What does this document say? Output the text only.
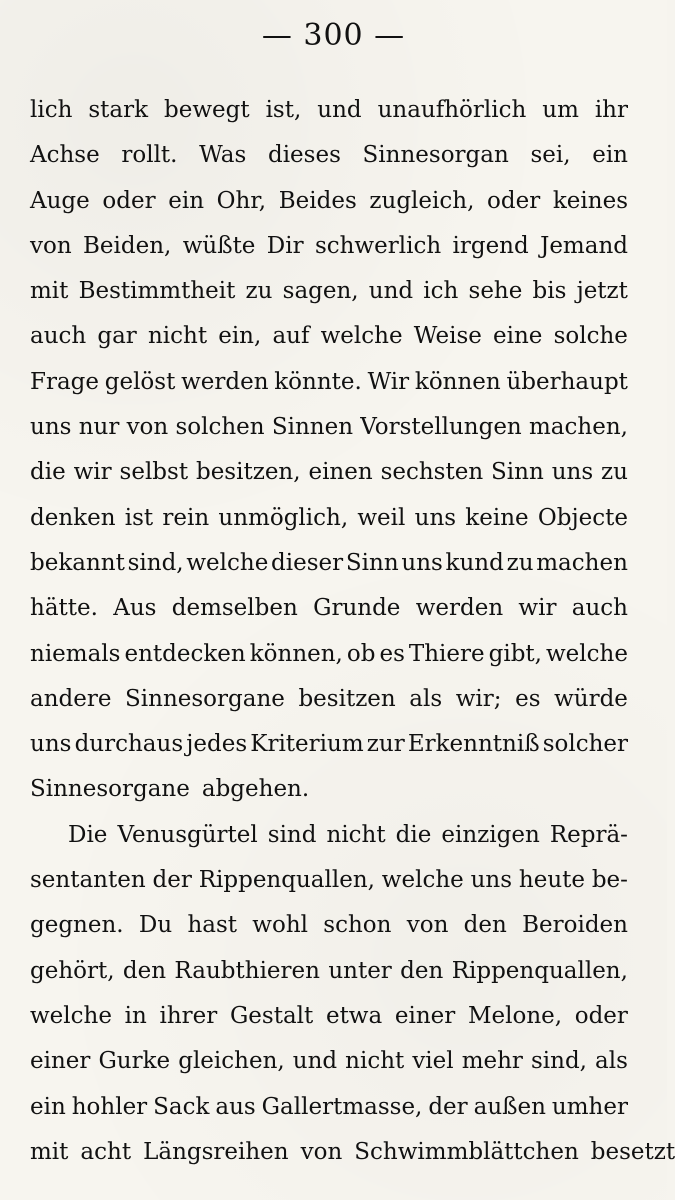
— 300 —
lich stark bewegt ist, und unaufhörlich um ihr
Achse rollt. Was dieses Sinnesorgan sei, ein
Auge oder ein Ohr, Beides zugleich, oder keines
von Beiden, wüßte Dir schwerlich irgend Jemand
mit Bestimmtheit zu sagen, und ich sehe bis jetzt
auch gar nicht ein, auf welche Weise eine solche
Frage gelöst werden könnte. Wir können überhaupt
uns nur von solchen Sinnen Vorstellungen machen,
die wir selbst besitzen, einen sechsten Sinn uns zu
denken ist rein unmöglich, weil uns keine Objecte
bekannt sind, welche dieser Sinn uns kund zu machen
hätte. Aus demselben Grunde werden wir auch
niemals entdecken können, ob es Thiere gibt, welche
andere Sinnesorgane besitzen als wir; es würde
uns durchaus jedes Kriterium zur Erkenntniß solcher
Sinnesorgane abgehen.
Die Venusgürtel sind nicht die einzigen Reprä-
sentanten der Rippenquallen, welche uns heute be-
gegnen. Du hast wohl schon von den Beroiden
gehört, den Raubthieren unter den Rippenquallen,
welche in ihrer Gestalt etwa einer Melone, oder
einer Gurke gleichen, und nicht viel mehr sind, als
ein hohler Sack aus Gallertmasse, der außen umher
mit acht Längsreihen von Schwimmblättchen besetzt
